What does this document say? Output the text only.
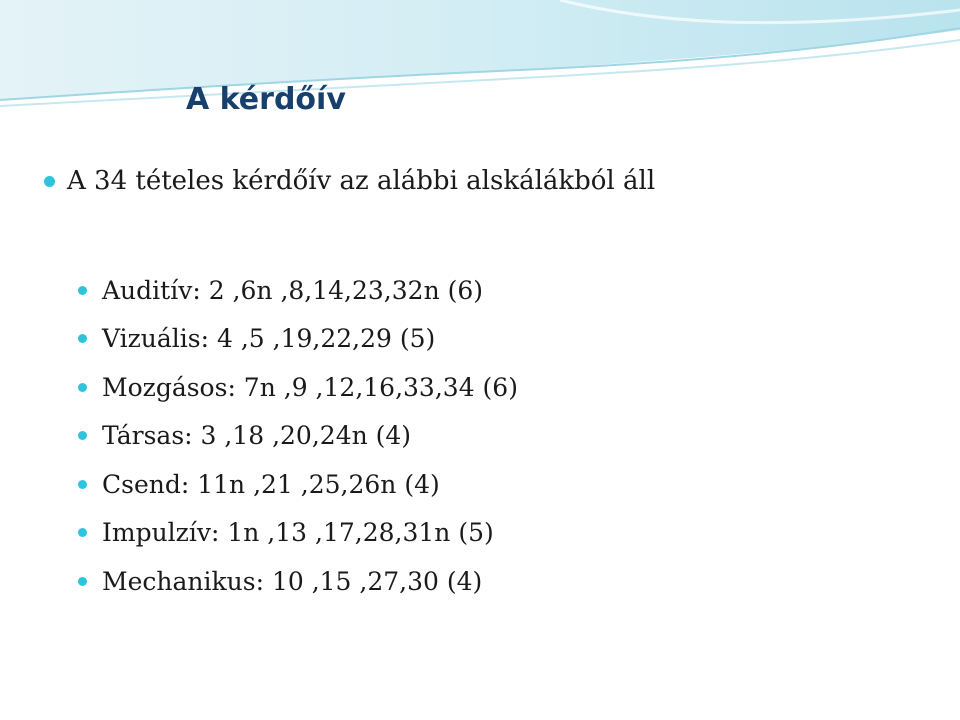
A kérdőív
A 34 tételes kérdőív az alábbi alskálákból áll
Auditív: 2 ,6n ,8,14,23,32n (6)
Vizuális: 4 ,5 ,19,22,29 (5)
Mozgásos: 7n ,9 ,12,16,33,34 (6)
Társas: 3 ,18 ,20,24n (4)
Csend: 11n ,21 ,25,26n (4)
Impulzív: 1n ,13 ,17,28,31n (5)
Mechanikus: 10 ,15 ,27,30 (4)
